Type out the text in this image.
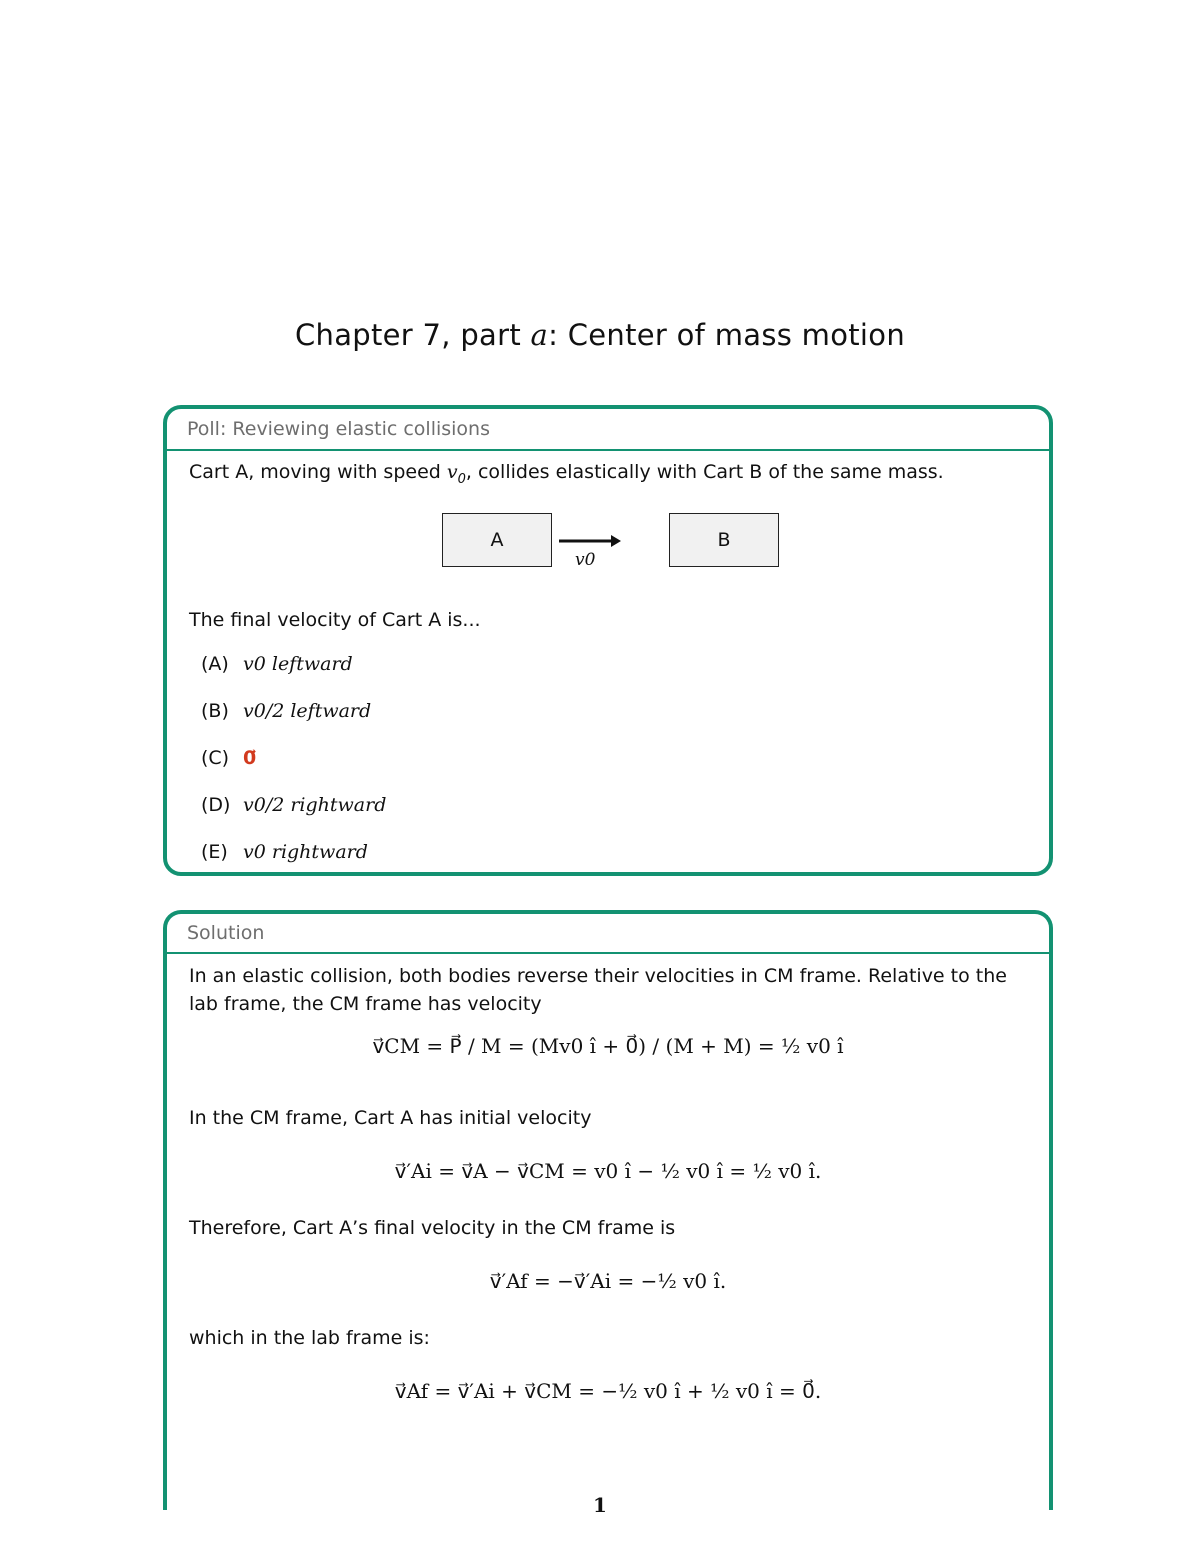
Chapter 7, part a: Center of mass motion
Poll: Reviewing elastic collisions
Cart A, moving with speed $v_0$, collides elastically with Cart B of the same mass.
A
v0
B
The final velocity of Cart A is...
(A) v0 leftward
(B) v0/2 leftward
(C) 0⃗
(D) v0/2 rightward
(E) v0 rightward
Solution
In an elastic collision, both bodies reverse their velocities in CM frame. Relative to the lab frame, the CM frame has velocity
v⃗CM = P⃗ / M = (Mv0 î + 0⃗) / (M + M) = ½ v0 î
In the CM frame, Cart A has initial velocity
v⃗′Ai = v⃗A − v⃗CM = v0 î − ½ v0 î = ½ v0 î.
Therefore, Cart A’s final velocity in the CM frame is
v⃗′Af = −v⃗′Ai = −½ v0 î.
which in the lab frame is:
v⃗Af = v⃗′Ai + v⃗CM = −½ v0 î + ½ v0 î = 0⃗.
1
